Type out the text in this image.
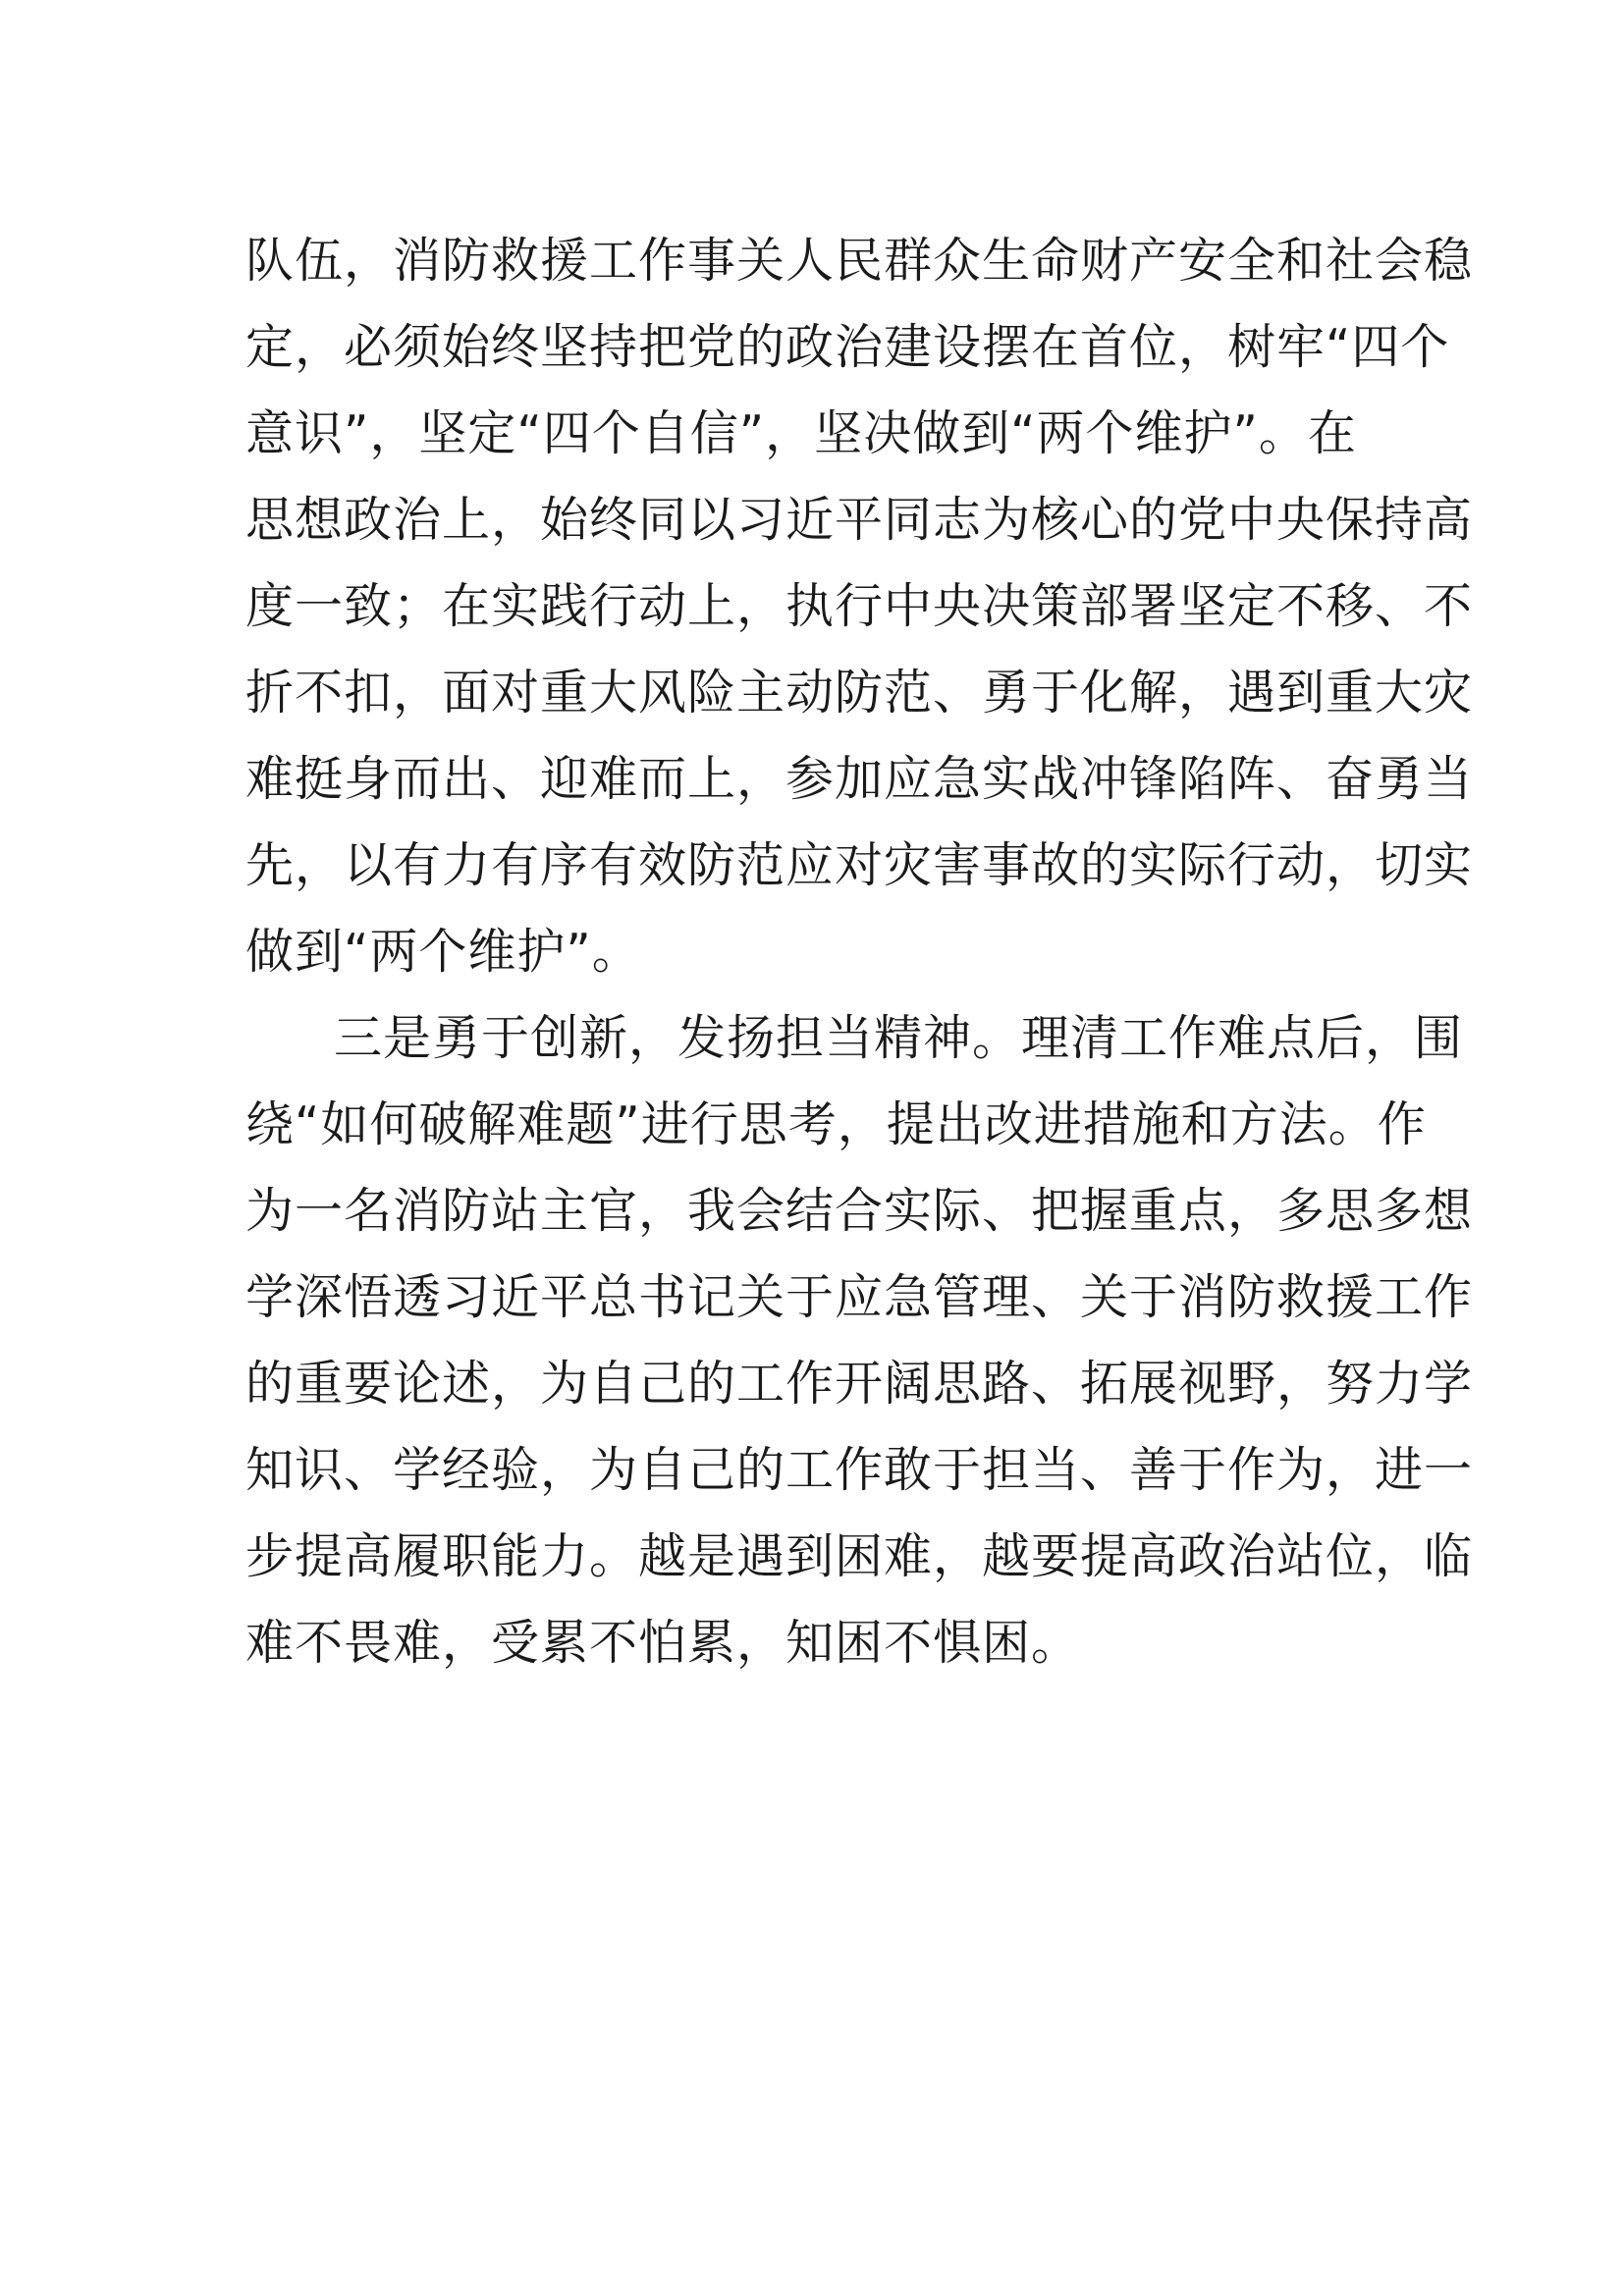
队伍，消防救援工作事关人民群众生命财产安全和社会稳
定，必须始终坚持把党的政治建设摆在首位，树牢“四个
意识”，坚定“四个自信”，坚决做到“两个维护”。在
思想政治上，始终同以习近平同志为核心的党中央保持高
度一致；在实践行动上，执行中央决策部署坚定不移、不
折不扣，面对重大风险主动防范、勇于化解，遇到重大灾
难挺身而出、迎难而上，参加应急实战冲锋陷阵、奋勇当
先，以有力有序有效防范应对灾害事故的实际行动，切实
做到“两个维护”。
三是勇于创新，发扬担当精神。理清工作难点后，围
绕“如何破解难题”进行思考，提出改进措施和方法。作
为一名消防站主官，我会结合实际、把握重点，多思多想
学深悟透习近平总书记关于应急管理、关于消防救援工作
的重要论述，为自己的工作开阔思路、拓展视野，努力学
知识、学经验，为自己的工作敢于担当、善于作为，进一
步提高履职能力。越是遇到困难，越要提高政治站位，临
难不畏难，受累不怕累，知困不惧困。
